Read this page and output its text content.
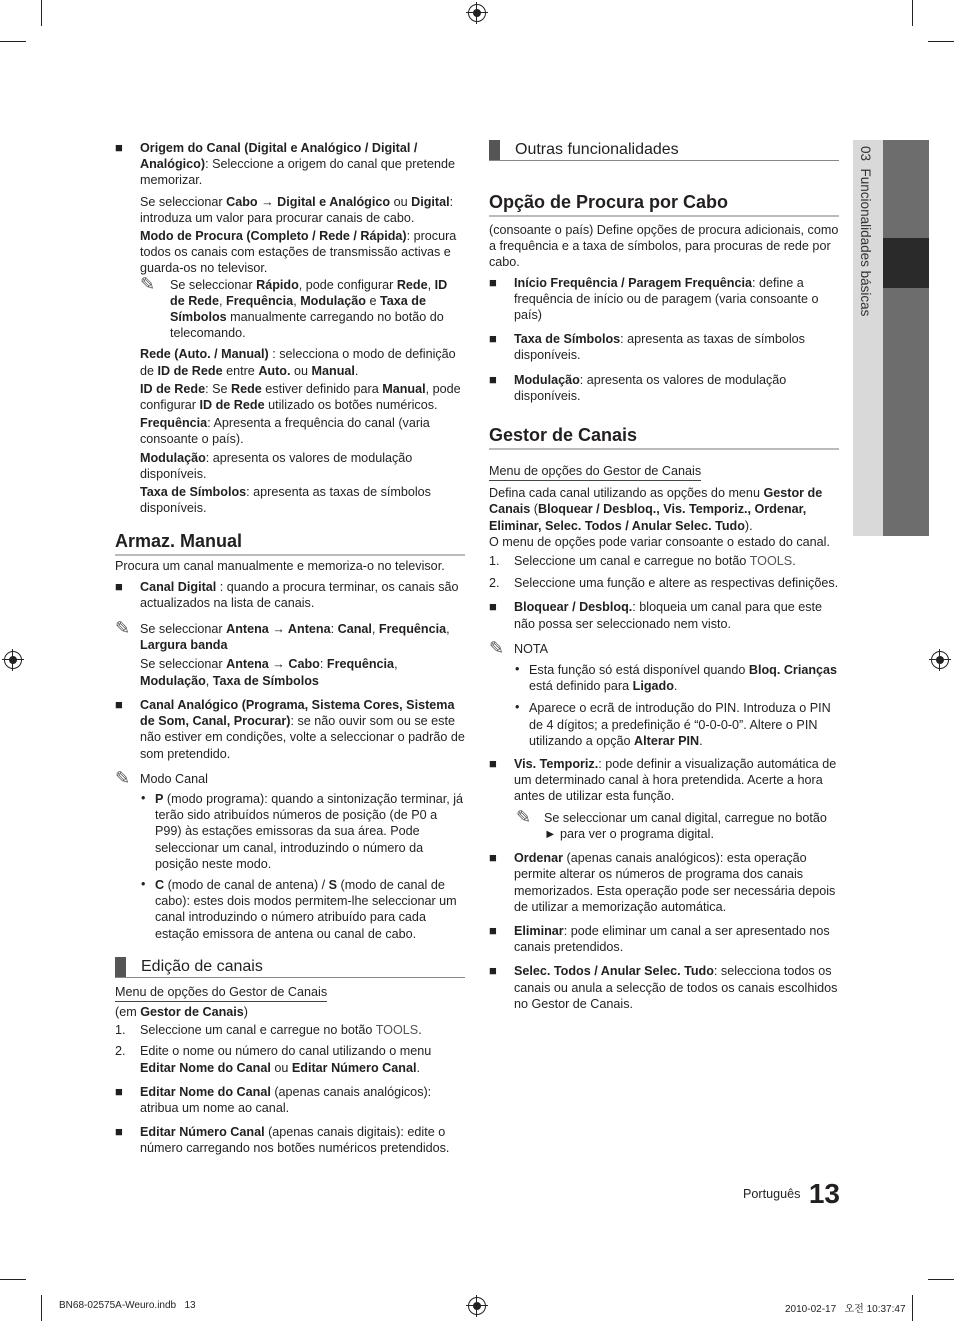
03  Funcionalidades básicas
■ Origem do Canal (Digital e Analógico / Digital / Analógico): Seleccione a origem do canal que pretende memorizar.

Se seleccionar Cabo → Digital e Analógico ou Digital: introduza um valor para procurar canais de cabo.

Modo de Procura (Completo / Rede / Rápida): procura todos os canais com estações de transmissão activas e guarda-os no televisor.

✎ Se seleccionar Rápido, pode configurar Rede, ID de Rede, Frequência, Modulação e Taxa de Símbolos manualmente carregando no botão do telecomando.

Rede (Auto. / Manual) : selecciona o modo de definição de ID de Rede entre Auto. ou Manual.

ID de Rede: Se Rede estiver definido para Manual, pode configurar ID de Rede utilizado os botões numéricos.

Frequência: Apresenta a frequência do canal (varia consoante o país).

Modulação: apresenta os valores de modulação disponíveis.

Taxa de Símbolos: apresenta as taxas de símbolos disponíveis.

Armaz. Manual

Procura um canal manualmente e memoriza-o no televisor.

■ Canal Digital : quando a procura terminar, os canais são actualizados na lista de canais.

✎ Se seleccionar Antena → Antena: Canal, Frequência, Largura banda

Se seleccionar Antena → Cabo: Frequência, Modulação, Taxa de Símbolos

■ Canal Analógico (Programa, Sistema Cores, Sistema de Som, Canal, Procurar): se não ouvir som ou se este não estiver em condições, volte a seleccionar o padrão de som pretendido.

✎ Modo Canal

• P (modo programa): quando a sintonização terminar, já terão sido atribuídos números de posição (de P0 a P99) às estações emissoras da sua área. Pode seleccionar um canal, introduzindo o número da posição neste modo.

• C (modo de canal de antena) / S (modo de canal de cabo): estes dois modos permitem-lhe seleccionar um canal introduzindo o número atribuído para cada estação emissora de antena ou canal de cabo.

Edição de canais

Menu de opções do Gestor de Canais

(em Gestor de Canais)

1. Seleccione um canal e carregue no botão TOOLS.

2. Edite o nome ou número do canal utilizando o menu Editar Nome do Canal ou Editar Número Canal.

■ Editar Nome do Canal (apenas canais analógicos): atribua um nome ao canal.

■ Editar Número Canal (apenas canais digitais): edite o número carregando nos botões numéricos pretendidos.

Outras funcionalidades
Opção de Procura por Cabo

(consoante o país) Define opções de procura adicionais, como a frequência e a taxa de símbolos, para procuras de rede por cabo.

■ Início Frequência / Paragem Frequência: define a frequência de início ou de paragem (varia consoante o país)

■ Taxa de Símbolos: apresenta as taxas de símbolos disponíveis.

■ Modulação: apresenta os valores de modulação disponíveis.

Gestor de Canais

Menu de opções do Gestor de Canais

Defina cada canal utilizando as opções do menu Gestor de Canais (Bloquear / Desbloq., Vis. Temporiz., Ordenar, Eliminar, Selec. Todos / Anular Selec. Tudo).

O menu de opções pode variar consoante o estado do canal.

1. Seleccione um canal e carregue no botão TOOLS.

2. Seleccione uma função e altere as respectivas definições.

■ Bloquear / Desbloq.: bloqueia um canal para que este não possa ser seleccionado nem visto.

✎ NOTA

• Esta função só está disponível quando Bloq. Crianças está definido para Ligado.

• Aparece o ecrã de introdução do PIN. Introduza o PIN de 4 dígitos; a predefinição é “0-0-0-0”. Altere o PIN utilizando a opção Alterar PIN.

■ Vis. Temporiz.: pode definir a visualização automática de um determinado canal à hora pretendida. Acerte a hora antes de utilizar esta função.

✎ Se seleccionar um canal digital, carregue no botão ► para ver o programa digital.

■ Ordenar (apenas canais analógicos): esta operação permite alterar os números de programa dos canais memorizados. Esta operação pode ser necessária depois de utilizar a memorização automática.

■ Eliminar: pode eliminar um canal a ser apresentado nos canais pretendidos.

■ Selec. Todos / Anular Selec. Tudo: selecciona todos os canais ou anula a selecção de todos os canais escolhidos no Gestor de Canais.

Português 13
BN68-02575A-Weuro.indb   13	2010-02-17   오전 10:37:47
